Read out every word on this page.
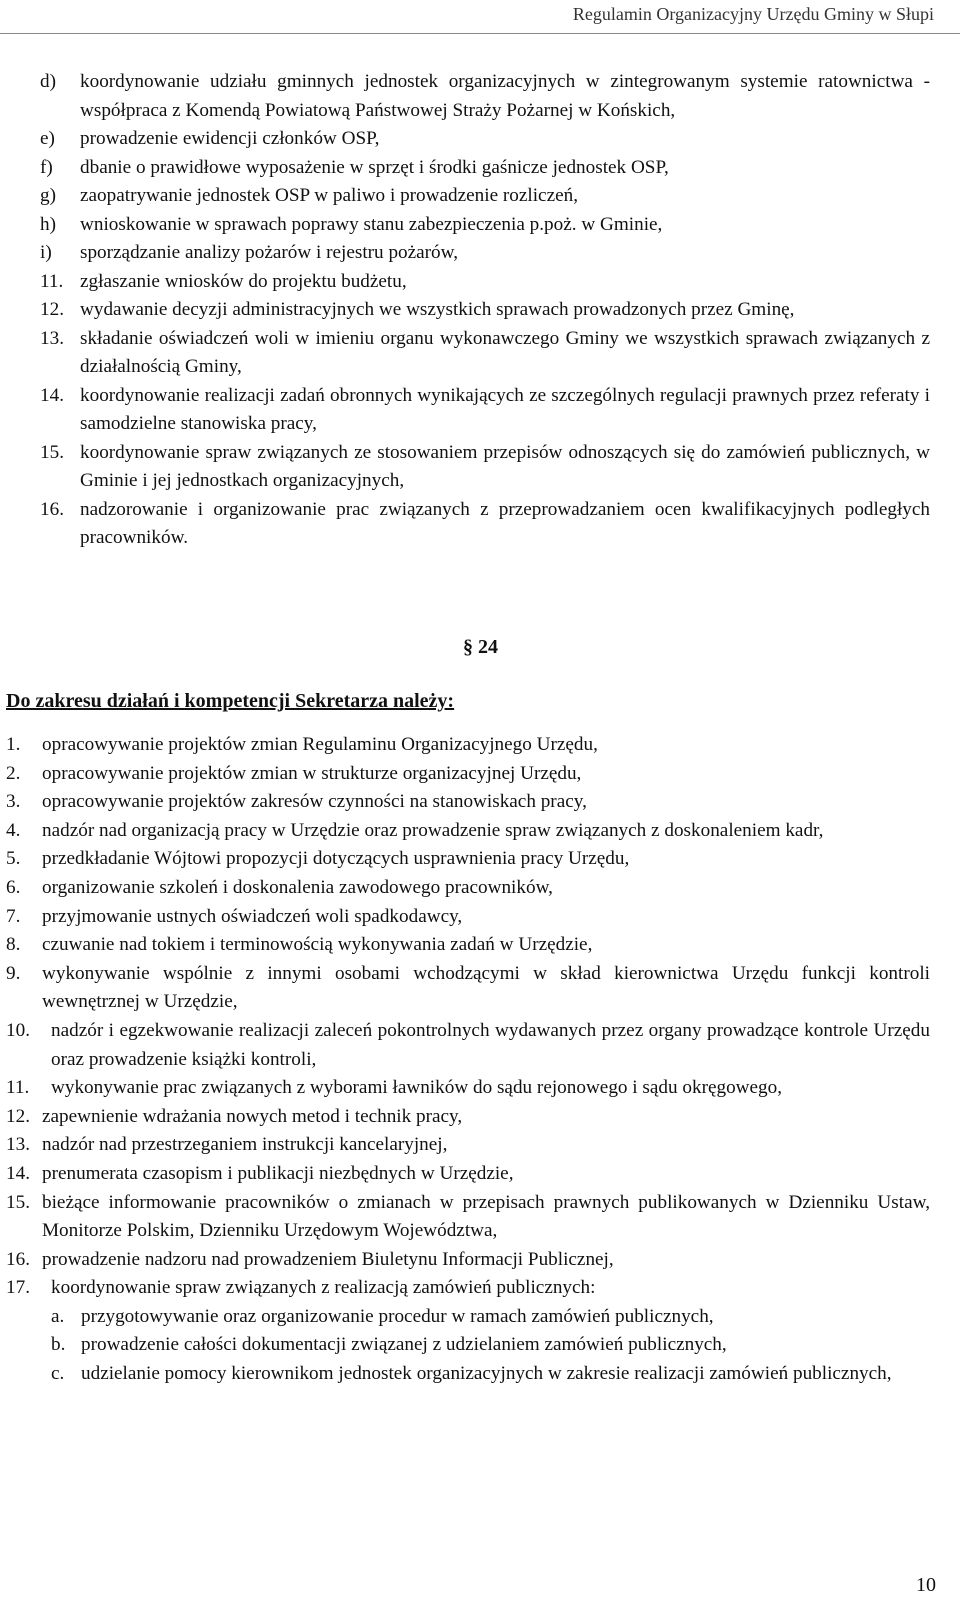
Regulamin Organizacyjny Urzędu Gminy w Słupi
d)	koordynowanie udziału gminnych jednostek organizacyjnych w zintegrowanym systemie ratownictwa - współpraca z Komendą Powiatową Państwowej Straży Pożarnej w Końskich,
e)	prowadzenie ewidencji członków OSP,
f)	dbanie o prawidłowe wyposażenie w sprzęt i środki gaśnicze jednostek OSP,
g)	zaopatrywanie jednostek OSP w paliwo i prowadzenie rozliczeń,
h)	wnioskowanie w sprawach poprawy stanu zabezpieczenia p.poż. w Gminie,
i)	sporządzanie analizy pożarów i rejestru pożarów,
11. zgłaszanie wniosków do projektu budżetu,
12. wydawanie decyzji administracyjnych we wszystkich sprawach prowadzonych przez Gminę,
13. składanie oświadczeń woli w imieniu organu wykonawczego Gminy we wszystkich sprawach związanych z działalnością Gminy,
14. koordynowanie realizacji zadań obronnych wynikających ze szczególnych regulacji prawnych przez referaty i samodzielne stanowiska pracy,
15. koordynowanie spraw związanych ze stosowaniem przepisów odnoszących się do zamówień publicznych, w Gminie i jej jednostkach organizacyjnych,
16. nadzorowanie i organizowanie prac związanych z przeprowadzaniem ocen kwalifikacyjnych podległych pracowników.
§ 24
Do zakresu działań i kompetencji Sekretarza należy:
1.	opracowywanie projektów zmian Regulaminu Organizacyjnego Urzędu,
2.	opracowywanie projektów zmian w strukturze organizacyjnej Urzędu,
3.	opracowywanie projektów zakresów czynności na stanowiskach pracy,
4.	nadzór nad organizacją pracy w Urzędzie oraz prowadzenie spraw związanych z doskonaleniem kadr,
5.	przedkładanie Wójtowi propozycji dotyczących usprawnienia pracy Urzędu,
6.	organizowanie szkoleń i doskonalenia zawodowego pracowników,
7.	przyjmowanie ustnych oświadczeń woli spadkodawcy,
8.	czuwanie nad tokiem i terminowością wykonywania zadań w Urzędzie,
9.	wykonywanie wspólnie z innymi osobami wchodzącymi w skład kierownictwa Urzędu funkcji kontroli wewnętrznej w Urzędzie,
10.	nadzór i egzekwowanie realizacji zaleceń pokontrolnych wydawanych przez organy prowadzące kontrole Urzędu oraz prowadzenie książki kontroli,
11.	wykonywanie prac związanych z wyborami ławników do sądu rejonowego i sądu okręgowego,
12. zapewnienie wdrażania nowych metod i technik pracy,
13. nadzór nad przestrzeganiem instrukcji kancelaryjnej,
14. prenumerata czasopism i publikacji niezbędnych w Urzędzie,
15. bieżące informowanie pracowników o zmianach w przepisach prawnych publikowanych w Dzienniku Ustaw, Monitorze Polskim, Dzienniku Urzędowym Województwa,
16. prowadzenie nadzoru nad prowadzeniem Biuletynu Informacji Publicznej,
17.	koordynowanie spraw związanych z realizacją zamówień publicznych:
a. przygotowywanie oraz organizowanie procedur w ramach zamówień publicznych,
b. prowadzenie całości dokumentacji związanej z udzielaniem zamówień publicznych,
c. udzielanie pomocy kierownikom jednostek organizacyjnych w zakresie realizacji zamówień publicznych,
10
